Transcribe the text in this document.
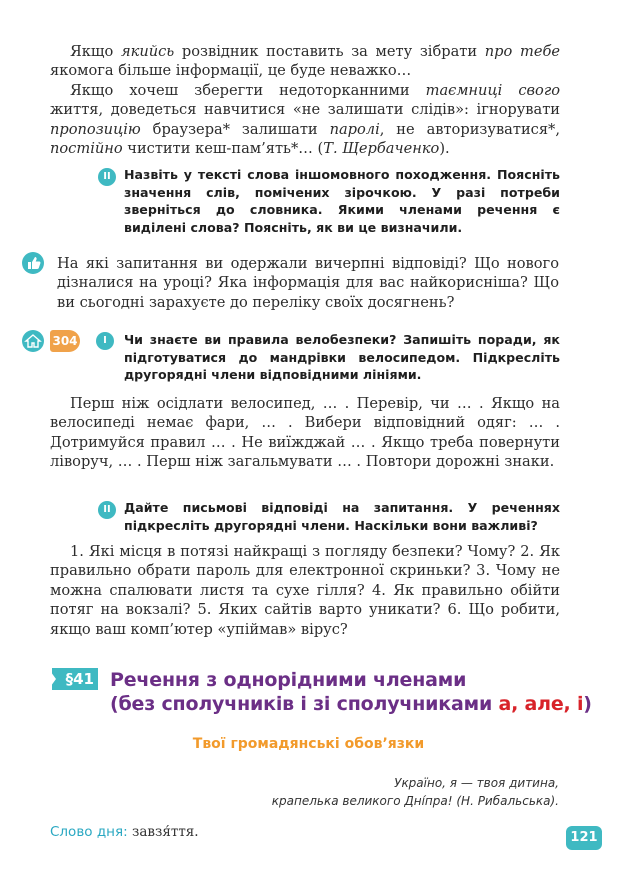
Якщо якийсь розвідник поставить за мету зібрати про тебе якомога більше інформації, це буде неважко…
Якщо хочеш зберегти недоторканними таємниці свого життя, доведеться навчитися «не залишати слідів»: ігнорувати пропозицію браузера* залишати паролі, не авторизуватися*, постійно чистити кеш-пам’ять*… (Т. Щербаченко).
II	Назвіть у тексті слова іншомовного походження. Поясніть значення слів, помічених зірочкою. У разі потреби зверніться до словника. Якими членами речення є виділені слова? Поясніть, як ви це визначили.
На які запитання ви одержали вичерпні відповіді? Що нового дізналися на уроці? Яка інформація для вас найкорисніша? Що ви сьогодні зарахуєте до переліку своїх досягнень?
304	I	Чи знаєте ви правила велобезпеки? Запишіть поради, як підготуватися до мандрівки велосипедом. Підкресліть другорядні члени відповідними лініями.
Перш ніж осідлати велосипед, … . Перевір, чи … . Якщо на велосипеді немає фари, … . Вибери відповідний одяг: … . Дотримуйся правил … . Не виїжджай … . Якщо треба повернути ліворуч, … . Перш ніж загальмувати … . Повтори дорожні знаки.
II	Дайте письмові відповіді на запитання. У реченнях підкресліть другорядні члени. Наскільки вони важливі?
1. Які місця в потязі найкращі з погляду безпеки? Чому? 2. Як правильно обрати пароль для електронної скриньки? 3. Чому не можна спалювати листя та сухе гілля? 4. Як правильно обійти потяг на вокзалі? 5. Яких сайтів варто уникати? 6. Що робити, якщо ваш комп’ютер «упіймав» вірус?
§41 Речення з однорідними членами
(без сполучників і зі сполучниками а, але, і)
Твої громадянські обов’язки
Україно, я — твоя дитина,
крапелька великого Дні́пра! (Н. Рибальська).
Слово дня: завзя́ття.	121
